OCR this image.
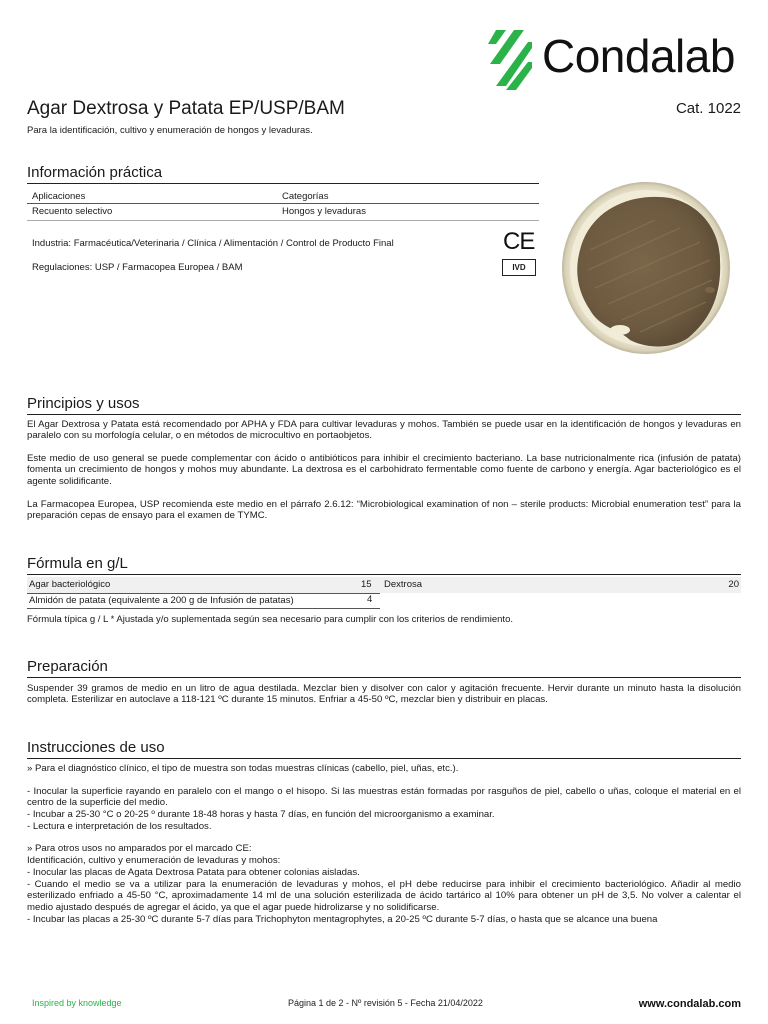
Condalab
Agar Dextrosa y Patata EP/USP/BAM	Cat. 1022
Para la identificación, cultivo y enumeración de hongos y levaduras.
Información práctica
Aplicaciones	Categorías
Recuento selectivo	Hongos y levaduras
Industria: Farmacéutica/Veterinaria / Clínica / Alimentación / Control de Producto Final
Regulaciones: USP / Farmacopea Europea / BAM
CE
IVD
Principios y usos
El Agar Dextrosa y Patata está recomendado por APHA y FDA para cultivar levaduras y mohos. También se puede usar en la identificación de hongos y levaduras en paralelo con su morfología celular, o en métodos de microcultivo en portaobjetos.
Este medio de uso general se puede complementar con ácido o antibióticos para inhibir el crecimiento bacteriano. La base nutricionalmente rica (infusión de patata) fomenta un crecimiento de hongos y mohos muy abundante. La dextrosa es el carbohidrato fermentable como fuente de carbono y energía. Agar bacteriológico es el agente solidificante.
La Farmacopea Europea, USP recomienda este medio en el párrafo 2.6.12: “Microbiological examination of non – sterile products: Microbial enumeration test” para la preparación cepas de ensayo para el examen de TYMC.
Fórmula en g/L
Agar bacteriológico	15 Dextrosa	20
Almidón de patata (equivalente a 200 g de Infusión de patatas)	4
Fórmula típica g / L * Ajustada y/o suplementada según sea necesario para cumplir con los criterios de rendimiento.
Preparación
Suspender 39 gramos de medio en un litro de agua destilada. Mezclar bien y disolver con calor y agitación frecuente. Hervir durante un minuto hasta la disolución completa. Esterilizar en autoclave a 118-121 ºC durante 15 minutos. Enfriar a 45-50 ºC, mezclar bien y distribuir en placas.
Instrucciones de uso
» Para el diagnóstico clínico, el tipo de muestra son todas muestras clínicas (cabello, piel, uñas, etc.).
- Inocular la superficie rayando en paralelo con el mango o el hisopo. Si las muestras están formadas por rasguños de piel, cabello o uñas, coloque el material en el centro de la superficie del medio.
- Incubar a 25-30 °C o 20-25 º durante 18-48 horas y hasta 7 días, en función del microorganismo a examinar.
- Lectura e interpretación de los resultados.
» Para otros usos no amparados por el marcado CE:
Identificación, cultivo y enumeración de levaduras y mohos:
- Inocular las placas de Agata Dextrosa Patata para obtener colonias aisladas.
- Cuando el medio se va a utilizar para la enumeración de levaduras y mohos, el pH debe reducirse para inhibir el crecimiento bacteriológico. Añadir al medio esterilizado enfriado a 45-50 °C, aproximadamente 14 ml de una solución esterilizada de ácido tartárico al 10% para obtener un pH de 3,5. No volver a calentar el medio ajustado después de agregar el ácido, ya que el agar puede hidrolizarse y no solidificarse.
- Incubar las placas a 25-30 ºC durante 5-7 días para Trichophyton mentagrophytes, a 20-25 ºC durante 5-7 días, o hasta que se alcance una buena
Inspired by knowledge	Página 1 de 2 - Nº revisión 5 - Fecha 21/04/2022	www.condalab.com
